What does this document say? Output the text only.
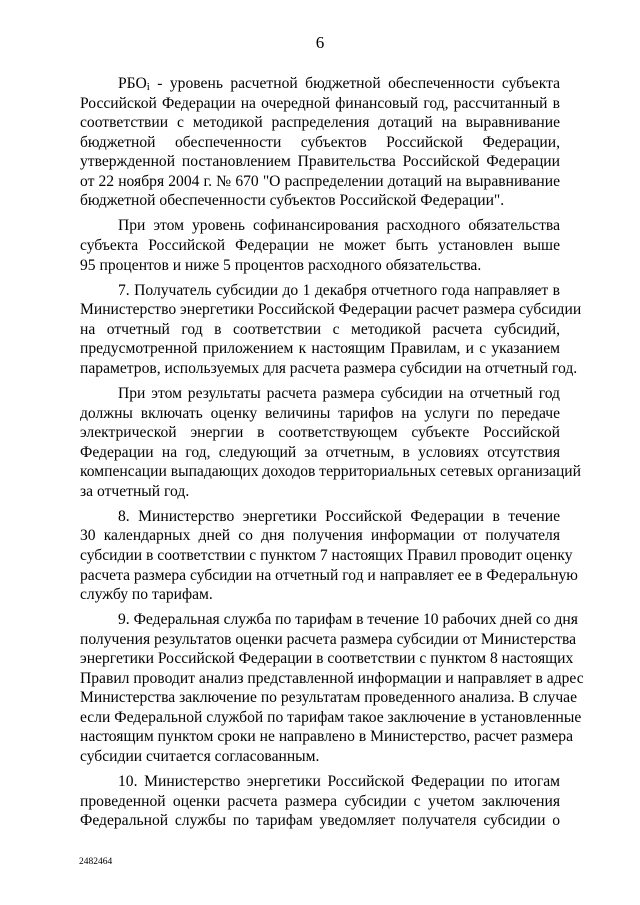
6
РБОi - уровень расчетной бюджетной обеспеченности субъекта
Российской Федерации на очередной финансовый год, рассчитанный в
соответствии с методикой распределения дотаций на выравнивание
бюджетной обеспеченности субъектов Российской Федерации,
утвержденной постановлением Правительства Российской Федерации
от 22 ноября 2004 г. № 670 "О распределении дотаций на выравнивание
бюджетной обеспеченности субъектов Российской Федерации".
При этом уровень софинансирования расходного обязательства
субъекта Российской Федерации не может быть установлен выше
95 процентов и ниже 5 процентов расходного обязательства.
7. Получатель субсидии до 1 декабря отчетного года направляет в
Министерство энергетики Российской Федерации расчет размера субсидии
на отчетный год в соответствии с методикой расчета субсидий,
предусмотренной приложением к настоящим Правилам, и с указанием
параметров, используемых для расчета размера субсидии на отчетный год.
При этом результаты расчета размера субсидии на отчетный год
должны включать оценку величины тарифов на услуги по передаче
электрической энергии в соответствующем субъекте Российской
Федерации на год, следующий за отчетным, в условиях отсутствия
компенсации выпадающих доходов территориальных сетевых организаций
за отчетный год.
8. Министерство энергетики Российской Федерации в течение
30 календарных дней со дня получения информации от получателя
субсидии в соответствии с пунктом 7 настоящих Правил проводит оценку
расчета размера субсидии на отчетный год и направляет ее в Федеральную
службу по тарифам.
9. Федеральная служба по тарифам в течение 10 рабочих дней со дня
получения результатов оценки расчета размера субсидии от Министерства
энергетики Российской Федерации в соответствии с пунктом 8 настоящих
Правил проводит анализ представленной информации и направляет в адрес
Министерства заключение по результатам проведенного анализа. В случае
если Федеральной службой по тарифам такое заключение в установленные
настоящим пунктом сроки не направлено в Министерство, расчет размера
субсидии считается согласованным.
10. Министерство энергетики Российской Федерации по итогам
проведенной оценки расчета размера субсидии с учетом заключения
Федеральной службы по тарифам уведомляет получателя субсидии о
2482464
